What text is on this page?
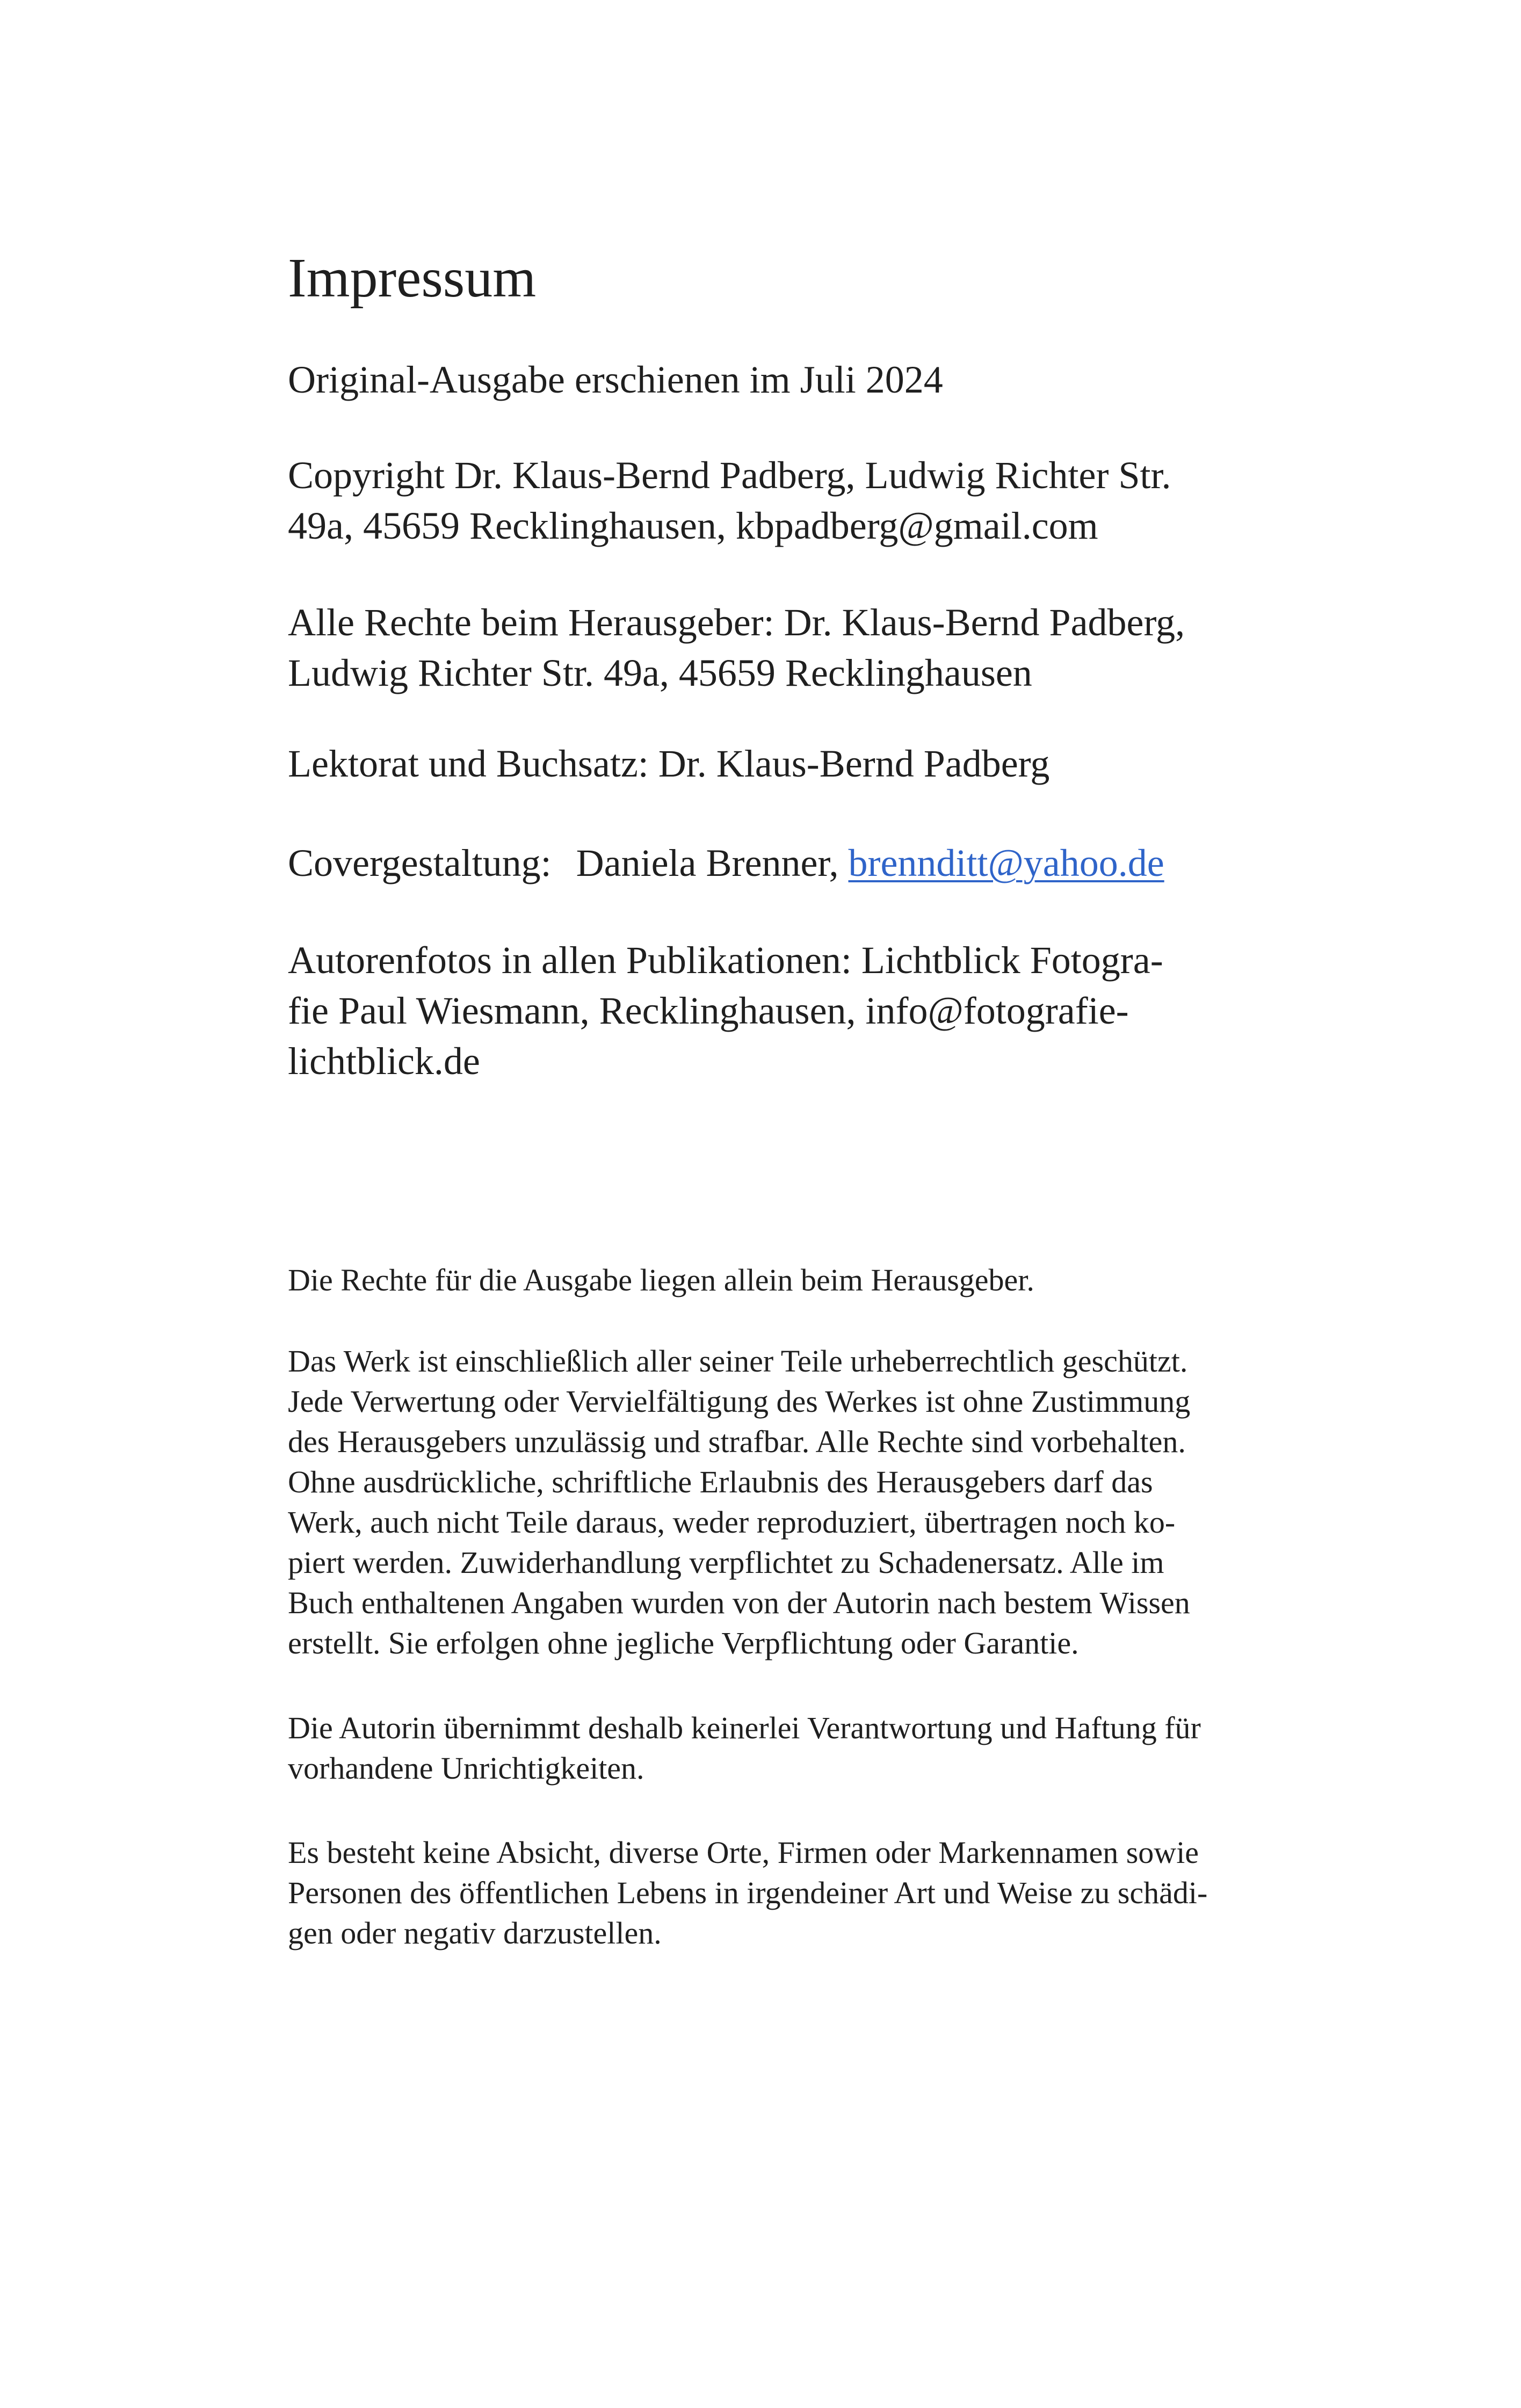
Impressum

Original-Ausgabe erschienen im Juli 2024

Copyright Dr. Klaus-Bernd Padberg, Ludwig Richter Str.

49a, 45659 Recklinghausen, kbpadberg@gmail.com

Alle Rechte beim Herausgeber: Dr. Klaus-Bernd Padberg,

Ludwig Richter Str. 49a, 45659 Recklinghausen

Lektorat und Buchsatz: Dr. Klaus-Bernd Padberg

Covergestaltung: Daniela Brenner, brennditt@yahoo.de

Autorenfotos in allen Publikationen: Lichtblick Fotogra-

fie Paul Wiesmann, Recklinghausen, info@fotografie-

lichtblick.de

Die Rechte für die Ausgabe liegen allein beim Herausgeber.

Das Werk ist einschließlich aller seiner Teile urheberrechtlich geschützt.

Jede Verwertung oder Vervielfältigung des Werkes ist ohne Zustimmung

des Herausgebers unzulässig und strafbar. Alle Rechte sind vorbehalten.

Ohne ausdrückliche, schriftliche Erlaubnis des Herausgebers darf das

Werk, auch nicht Teile daraus, weder reproduziert, übertragen noch ko-

piert werden. Zuwiderhandlung verpflichtet zu Schadenersatz. Alle im

Buch enthaltenen Angaben wurden von der Autorin nach bestem Wissen

erstellt. Sie erfolgen ohne jegliche Verpflichtung oder Garantie.

Die Autorin übernimmt deshalb keinerlei Verantwortung und Haftung für

vorhandene Unrichtigkeiten.

Es besteht keine Absicht, diverse Orte, Firmen oder Markennamen sowie

Personen des öffentlichen Lebens in irgendeiner Art und Weise zu schädi-

gen oder negativ darzustellen.
